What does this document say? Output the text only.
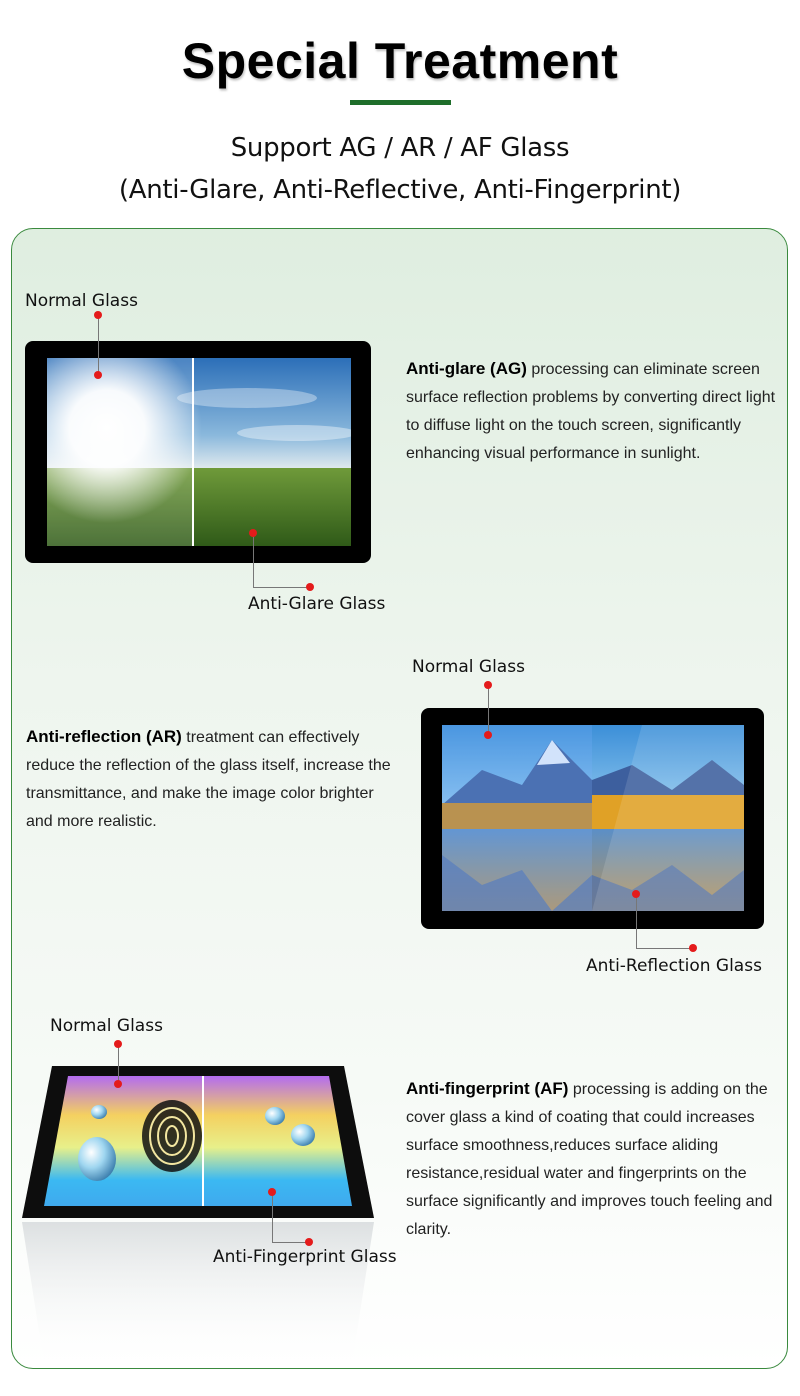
Special Treatment
Support AG / AR / AF Glass
(Anti-Glare, Anti-Reflective, Anti-Fingerprint)
Normal Glass
Anti-Glare Glass
Anti-glare (AG) processing can eliminate screen surface reflection problems by converting direct light to diffuse light on the touch screen, significantly enhancing visual performance in sunlight.
Normal Glass
Anti-reflection (AR) treatment can effectively reduce the reflection of the glass itself, increase the transmittance, and make the image color brighter and more realistic.
Anti-Reflection Glass
Normal Glass
Anti-Fingerprint Glass
Anti-fingerprint (AF) processing is adding on the cover glass a kind of coating that could increases surface smoothness,reduces surface aliding resistance,residual water and fingerprints on the surface significantly and improves touch feeling and clarity.
